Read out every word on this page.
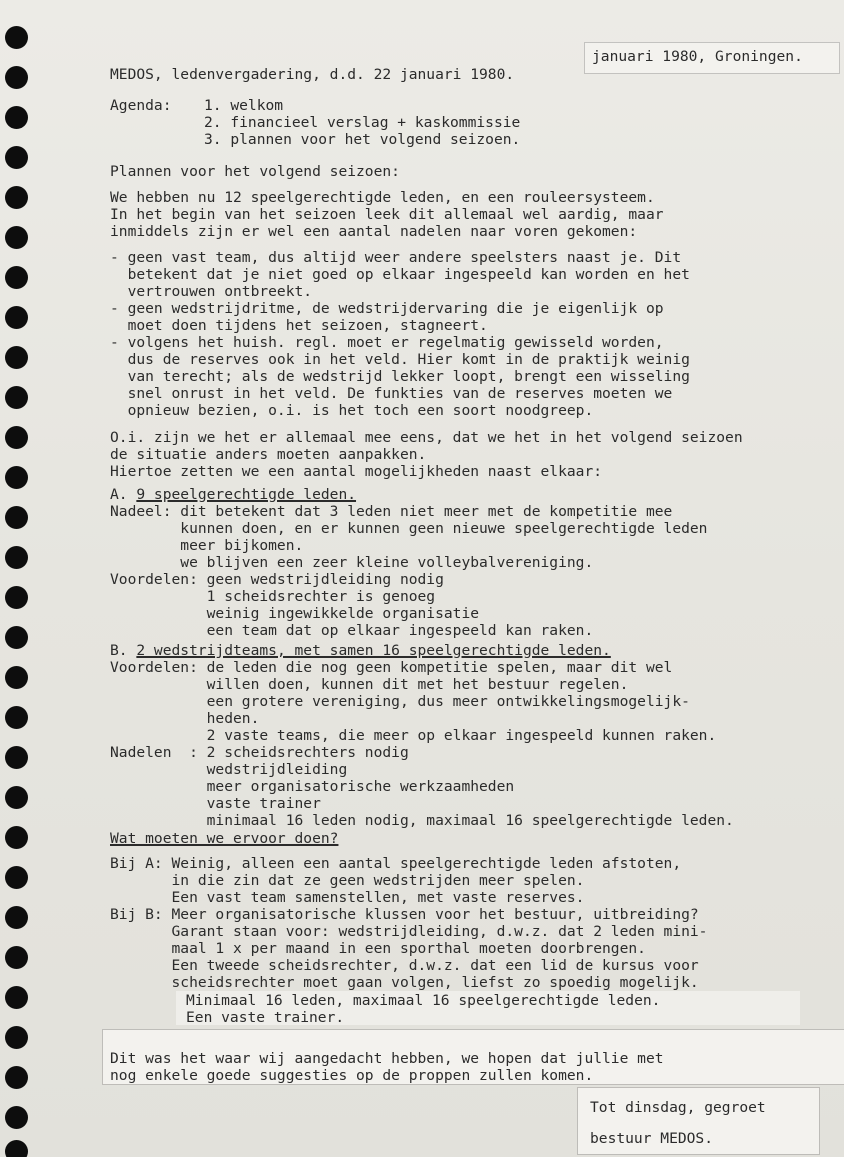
januari 1980, Groningen.
MEDOS, ledenvergadering, d.d. 22 januari 1980.
Agenda: 1. welkom
2. financieel verslag + kaskommissie
3. plannen voor het volgend seizoen.
Plannen voor het volgend seizoen:
We hebben nu 12 speelgerechtigde leden, en een rouleersysteem.
In het begin van het seizoen leek dit allemaal wel aardig, maar
inmiddels zijn er wel een aantal nadelen naar voren gekomen:
- geen vast team, dus altijd weer andere speelsters naast je. Dit
betekent dat je niet goed op elkaar ingespeeld kan worden en het
vertrouwen ontbreekt.
- geen wedstrijdritme, de wedstrijdervaring die je eigenlijk op
moet doen tijdens het seizoen, stagneert.
- volgens het huish. regl. moet er regelmatig gewisseld worden,
dus de reserves ook in het veld. Hier komt in de praktijk weinig
van terecht; als de wedstrijd lekker loopt, brengt een wisseling
snel onrust in het veld. De funkties van de reserves moeten we
opnieuw bezien, o.i. is het toch een soort noodgreep.
O.i. zijn we het er allemaal mee eens, dat we het in het volgend seizoen
de situatie anders moeten aanpakken.
Hiertoe zetten we een aantal mogelijkheden naast elkaar:
A. 9 speelgerechtigde leden.
Nadeel: dit betekent dat 3 leden niet meer met de kompetitie mee
kunnen doen, en er kunnen geen nieuwe speelgerechtigde leden
meer bijkomen.
we blijven een zeer kleine volleybalvereniging.
Voordelen: geen wedstrijdleiding nodig
1 scheidsrechter is genoeg
weinig ingewikkelde organisatie
een team dat op elkaar ingespeeld kan raken.
B. 2 wedstrijdteams, met samen 16 speelgerechtigde leden.
Voordelen: de leden die nog geen kompetitie spelen, maar dit wel
willen doen, kunnen dit met het bestuur regelen.
een grotere vereniging, dus meer ontwikkelingsmogelijk-
heden.
2 vaste teams, die meer op elkaar ingespeeld kunnen raken.
Nadelen  : 2 scheidsrechters nodig
wedstrijdleiding
meer organisatorische werkzaamheden
vaste trainer
minimaal 16 leden nodig, maximaal 16 speelgerechtigde leden.
Wat moeten we ervoor doen?
Bij A: Weinig, alleen een aantal speelgerechtigde leden afstoten,
in die zin dat ze geen wedstrijden meer spelen.
Een vast team samenstellen, met vaste reserves.
Bij B: Meer organisatorische klussen voor het bestuur, uitbreiding?
Garant staan voor: wedstrijdleiding, d.w.z. dat 2 leden mini-
maal 1 x per maand in een sporthal moeten doorbrengen.
Een tweede scheidsrechter, d.w.z. dat een lid de kursus voor
scheidsrechter moet gaan volgen, liefst zo spoedig mogelijk.
Minimaal 16 leden, maximaal 16 speelgerechtigde leden.
Een vaste trainer.
Dit was het waar wij aangedacht hebben, we hopen dat jullie met
nog enkele goede suggesties op de proppen zullen komen.
Tot dinsdag, gegroet
bestuur MEDOS.
